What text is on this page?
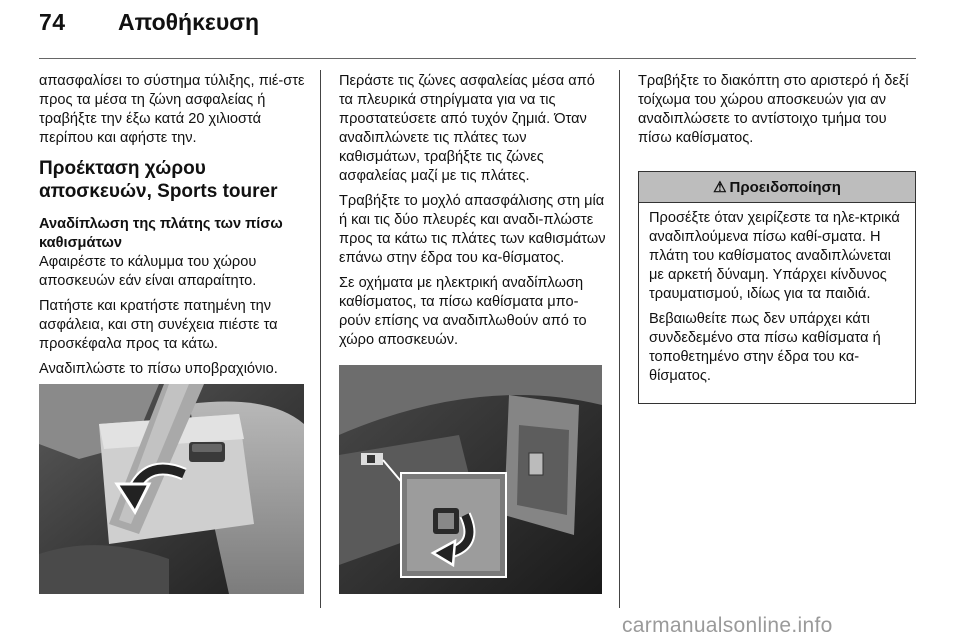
74 Αποθήκευση

απασφαλίσει το σύστημα τύλιξης, πιέ-στε προς τα μέσα τη ζώνη ασφαλείας ή τραβήξτε την έξω κατά 20 χιλιοστά περίπου και αφήστε την.

Προέκταση χώρου αποσκευών, Sports tourer
Αναδίπλωση της πλάτης των πίσω καθισμάτων

Αφαιρέστε το κάλυμμα του χώρου αποσκευών εάν είναι απαραίτητο.

Πατήστε και κρατήστε πατημένη την ασφάλεια, και στη συνέχεια πιέστε τα προσκέφαλα προς τα κάτω.

Αναδιπλώστε το πίσω υποβραχιόνιο.

Περάστε τις ζώνες ασφαλείας μέσα από τα πλευρικά στηρίγματα για να τις προστατεύσετε από τυχόν ζημιά. Όταν αναδιπλώνετε τις πλάτες των καθισμάτων, τραβήξτε τις ζώνες ασφαλείας μαζί με τις πλάτες.

Τραβήξτε το μοχλό απασφάλισης στη μία ή και τις δύο πλευρές και αναδι-πλώστε προς τα κάτω τις πλάτες των καθισμάτων επάνω στην έδρα του κα-θίσματος.

Σε οχήματα με ηλεκτρική αναδίπλωση καθίσματος, τα πίσω καθίσματα μπο-ρούν επίσης να αναδιπλωθούν από το χώρο αποσκευών.

Τραβήξτε το διακόπτη στο αριστερό ή δεξί τοίχωμα του χώρου αποσκευών για αν αναδιπλώσετε το αντίστοιχο τμήμα του πίσω καθίσματος.

⚠ Προειδοποίηση

Προσέξτε όταν χειρίζεστε τα ηλε-κτρικά αναδιπλούμενα πίσω καθί-σματα. Η πλάτη του καθίσματος αναδιπλώνεται με αρκετή δύναμη. Υπάρχει κίνδυνος τραυματισμού, ιδίως για τα παιδιά.

Βεβαιωθείτε πως δεν υπάρχει κάτι συνδεδεμένο στα πίσω καθίσματα ή τοποθετημένο στην έδρα του κα-θίσματος.

carmanualsonline.info
